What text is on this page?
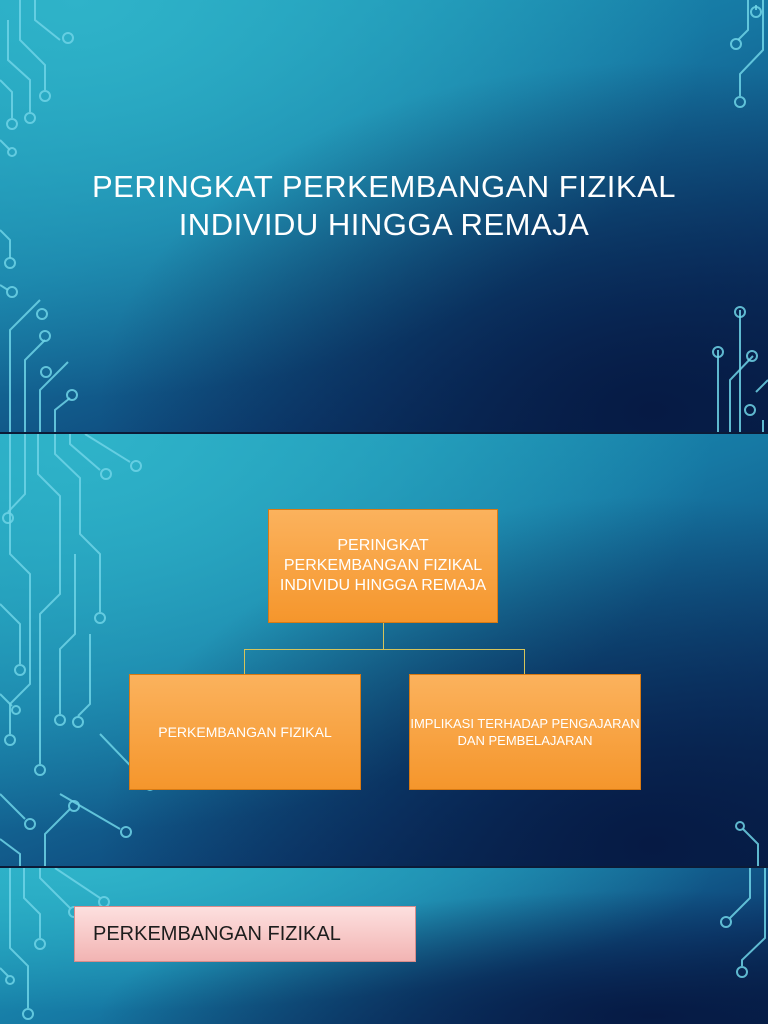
PERINGKAT PERKEMBANGAN FIZIKAL
INDIVIDU HINGGA REMAJA
PERINGKAT PERKEMBANGAN FIZIKAL INDIVIDU HINGGA REMAJA
PERKEMBANGAN FIZIKAL
IMPLIKASI TERHADAP PENGAJARAN DAN PEMBELAJARAN
PERKEMBANGAN FIZIKAL
